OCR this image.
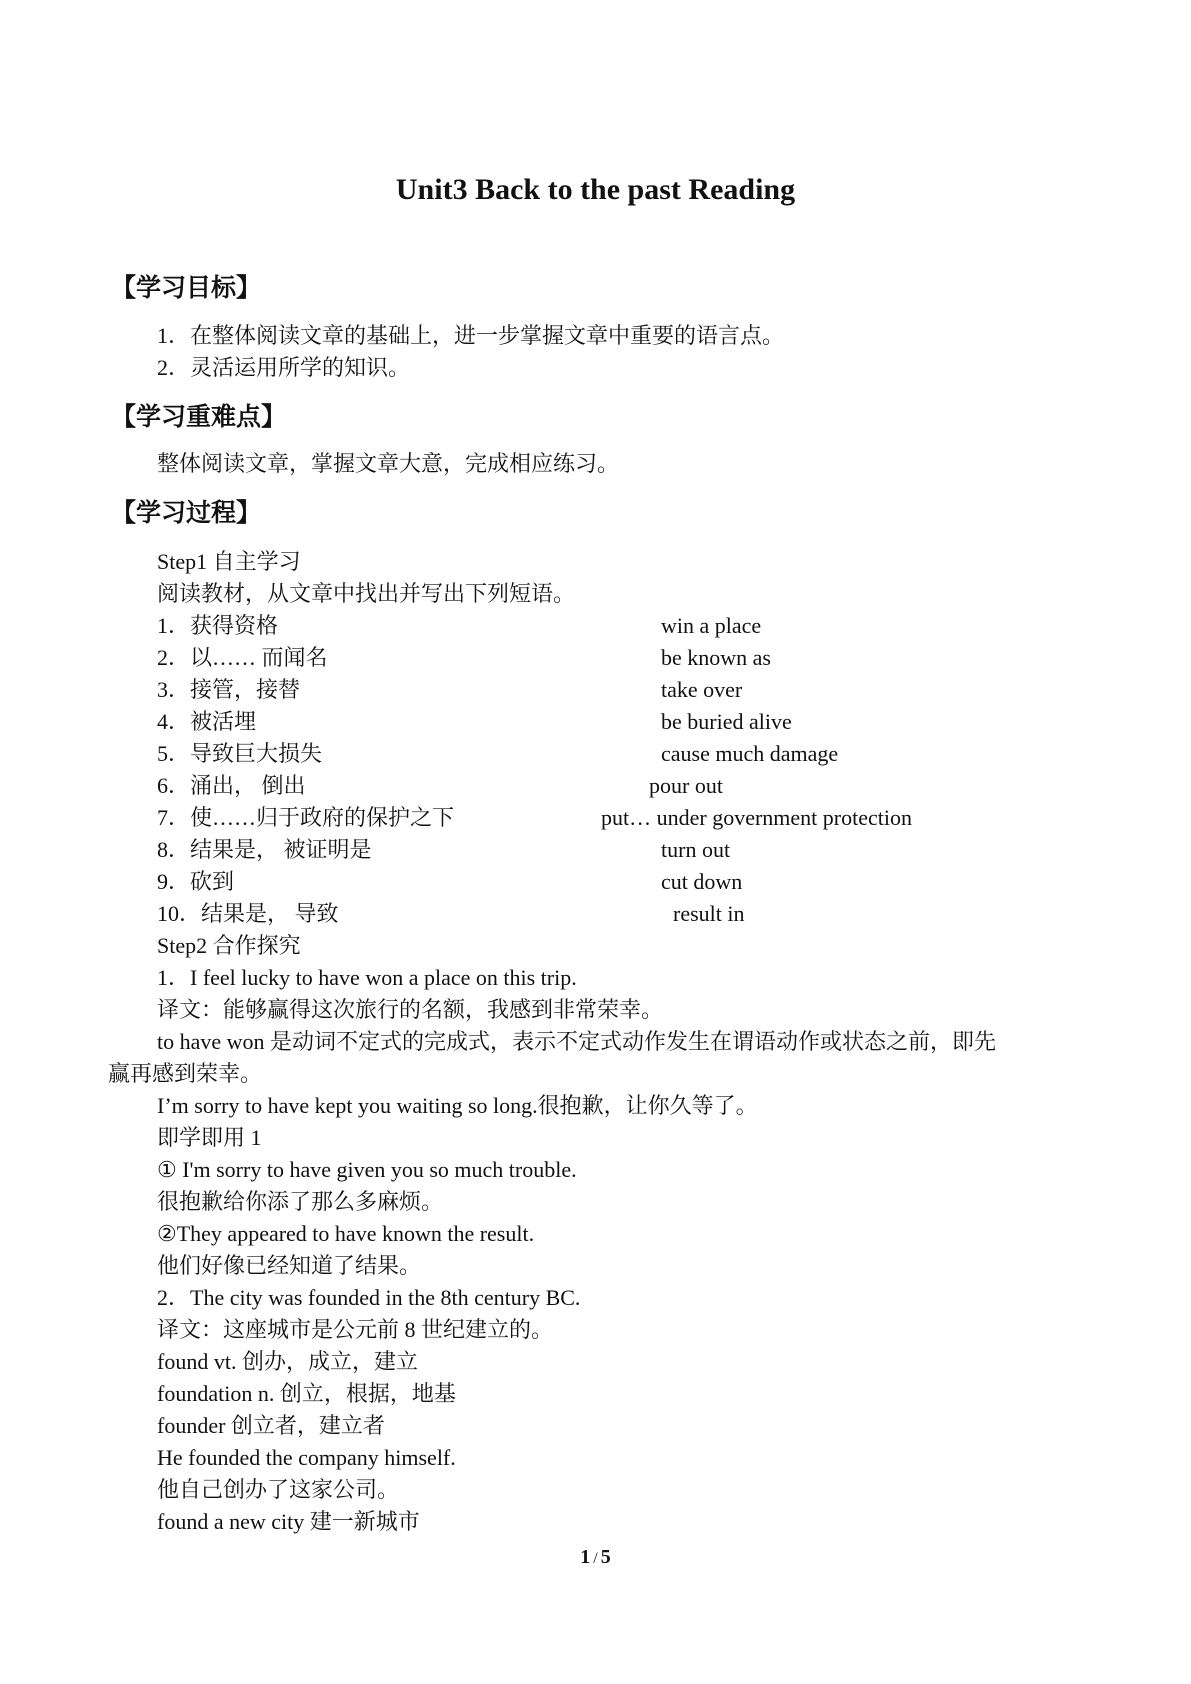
Unit3 Back to the past Reading
【学习目标】
1．在整体阅读文章的基础上，进一步掌握文章中重要的语言点。
2．灵活运用所学的知识。
【学习重难点】
整体阅读文章，掌握文章大意，完成相应练习。
【学习过程】
Step1 自主学习
阅读教材，从文章中找出并写出下列短语。
1．获得资格	win a place
2．以…… 而闻名	be known as
3．接管，接替	take over
4．被活埋	be buried alive
5．导致巨大损失	cause much damage
6．涌出， 倒出	pour out
7．使……归于政府的保护之下	put… under government protection
8．结果是， 被证明是	turn out
9．砍到	cut down
10．结果是， 导致	result in
Step2 合作探究
1．I feel lucky to have won a place on this trip.
译文：能够赢得这次旅行的名额，我感到非常荣幸。
to have won 是动词不定式的完成式，表示不定式动作发生在谓语动作或状态之前，即先
赢再感到荣幸。
I’m sorry to have kept you waiting so long.很抱歉，让你久等了。
即学即用 1
① I'm sorry to have given you so much trouble.
很抱歉给你添了那么多麻烦。
②They appeared to have known the result.
他们好像已经知道了结果。
2．The city was founded in the 8th century BC.
译文：这座城市是公元前 8 世纪建立的。
found vt. 创办，成立，建立
foundation n. 创立，根据，地基
founder 创立者，建立者
He founded the company himself.
他自己创办了这家公司。
found a new city 建一新城市
1 / 5
